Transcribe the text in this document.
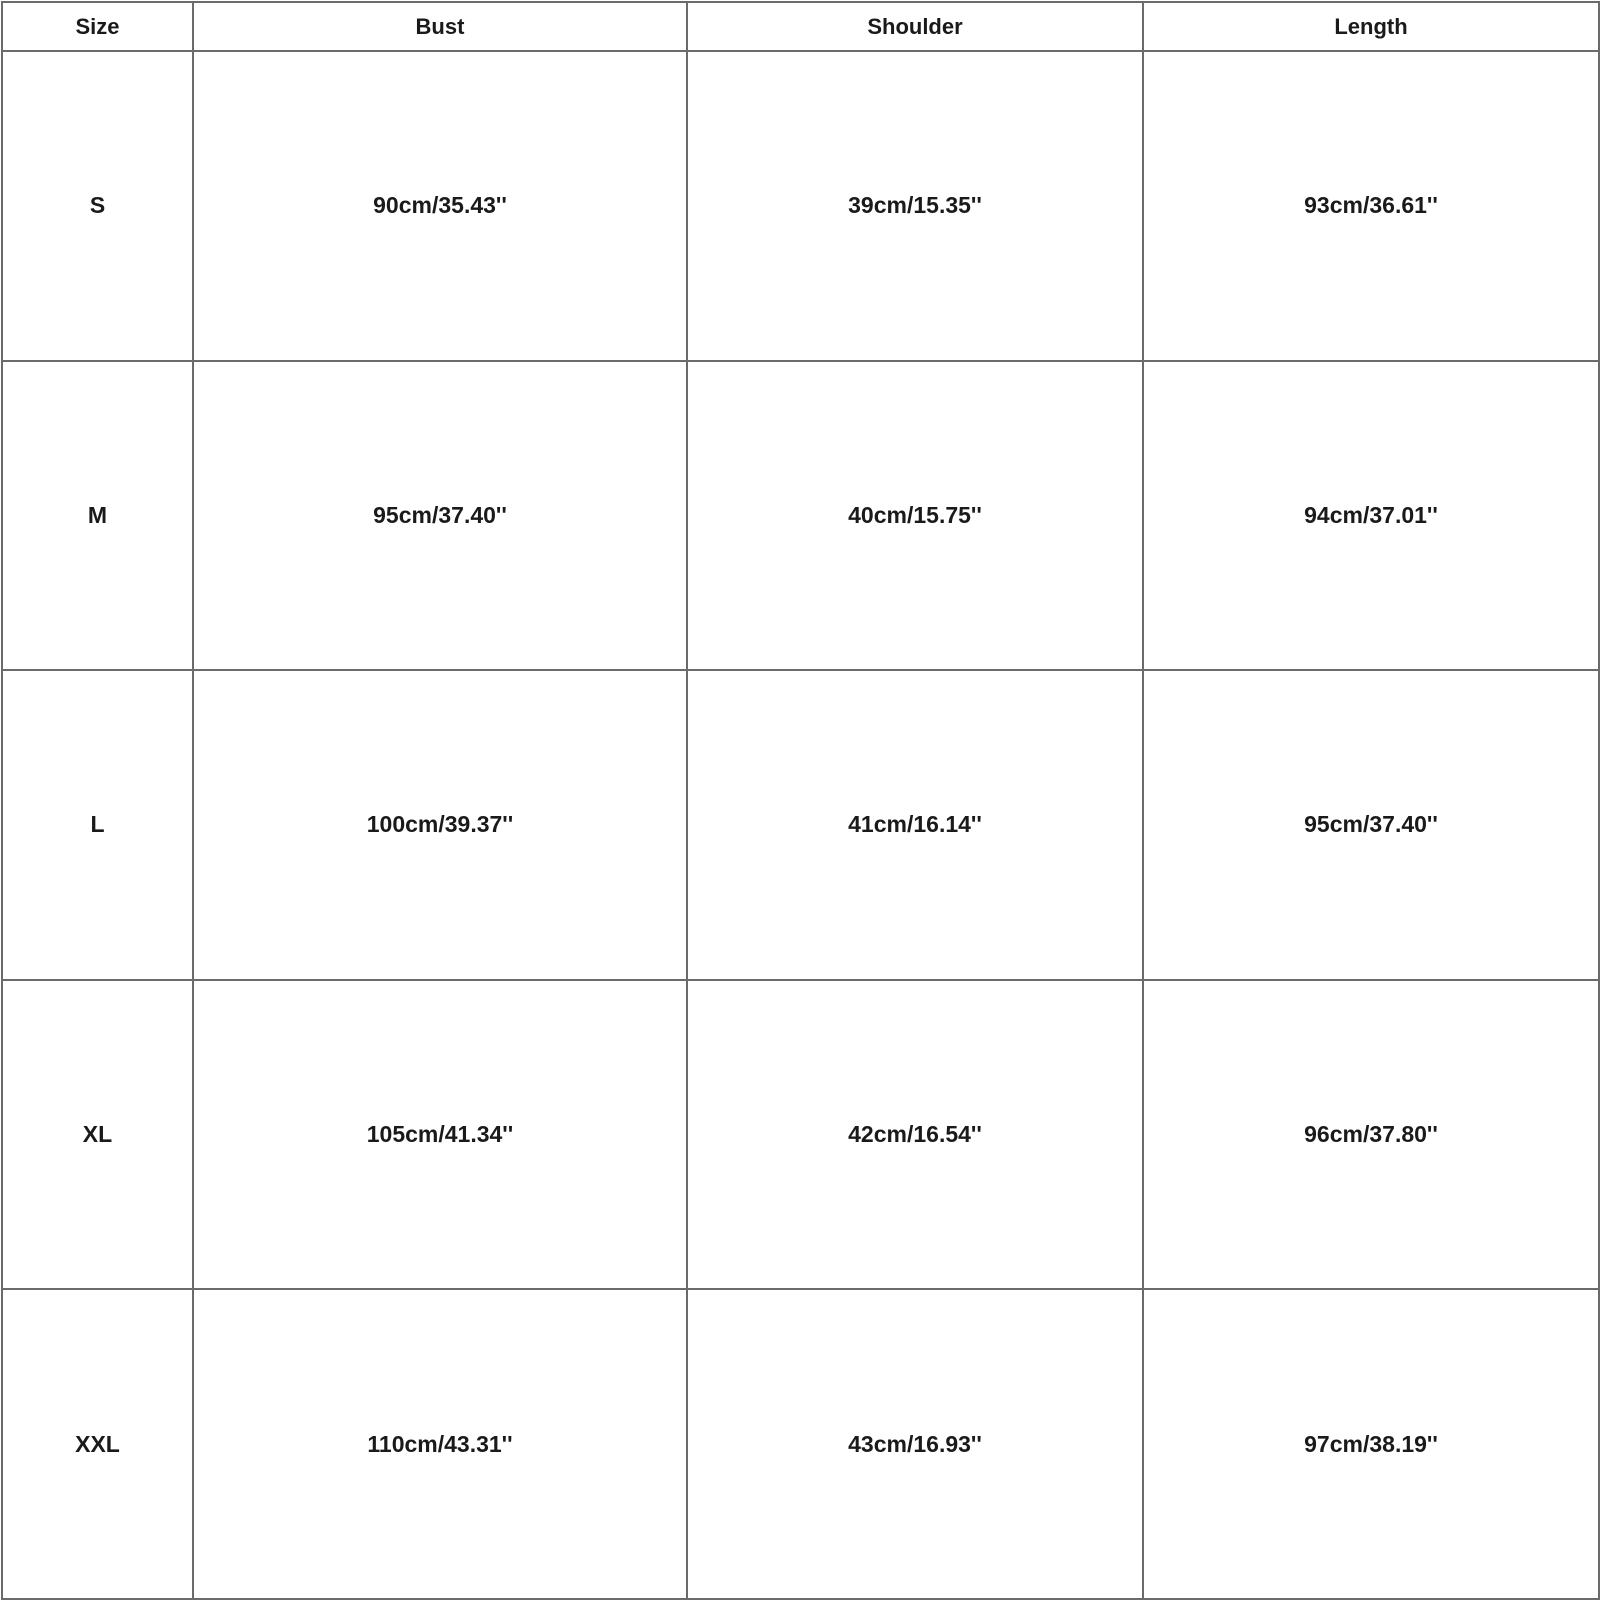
Size	Bust	Shoulder	Length
S	90cm/35.43''	39cm/15.35''	93cm/36.61''
M	95cm/37.40''	40cm/15.75''	94cm/37.01''
L	100cm/39.37''	41cm/16.14''	95cm/37.40''
XL	105cm/41.34''	42cm/16.54''	96cm/37.80''
XXL	110cm/43.31''	43cm/16.93''	97cm/38.19''
